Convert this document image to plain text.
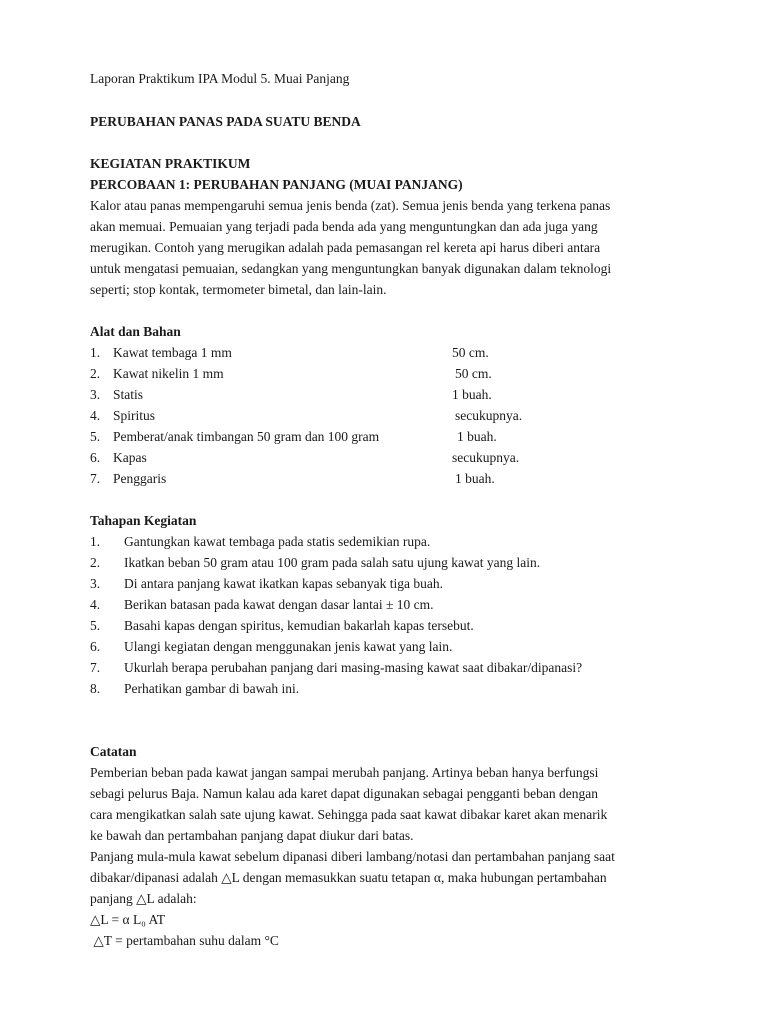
Laporan Praktikum IPA Modul 5. Muai Panjang
PERUBAHAN PANAS PADA SUATU BENDA
KEGIATAN PRAKTIKUM
PERCOBAAN 1: PERUBAHAN PANJANG (MUAI PANJANG)
Kalor atau panas mempengaruhi semua jenis benda (zat). Semua jenis benda yang terkena panas
akan memuai. Pemuaian yang terjadi pada benda ada yang menguntungkan dan ada juga yang
merugikan. Contoh yang merugikan adalah pada pemasangan rel kereta api harus diberi antara
untuk mengatasi pemuaian, sedangkan yang menguntungkan banyak digunakan dalam teknologi
seperti; stop kontak, termometer bimetal, dan lain-lain.
Alat dan Bahan
1. Kawat tembaga 1 mm	50 cm.
2. Kawat nikelin 1 mm	50 cm.
3. Statis	1 buah.
4. Spiritus	secukupnya.
5. Pemberat/anak timbangan 50 gram dan 100 gram	1 buah.
6. Kapas	secukupnya.
7. Penggaris	1 buah.
Tahapan Kegiatan
1. Gantungkan kawat tembaga pada statis sedemikian rupa.
2. Ikatkan beban 50 gram atau 100 gram pada salah satu ujung kawat yang lain.
3. Di antara panjang kawat ikatkan kapas sebanyak tiga buah.
4. Berikan batasan pada kawat dengan dasar lantai ± 10 cm.
5. Basahi kapas dengan spiritus, kemudian bakarlah kapas tersebut.
6. Ulangi kegiatan dengan menggunakan jenis kawat yang lain.
7. Ukurlah berapa perubahan panjang dari masing-masing kawat saat dibakar/dipanasi?
8. Perhatikan gambar di bawah ini.
Catatan
Pemberian beban pada kawat jangan sampai merubah panjang. Artinya beban hanya berfungsi
sebagi pelurus Baja. Namun kalau ada karet dapat digunakan sebagai pengganti beban dengan
cara mengikatkan salah sate ujung kawat. Sehingga pada saat kawat dibakar karet akan menarik
ke bawah dan pertambahan panjang dapat diukur dari batas.
Panjang mula-mula kawat sebelum dipanasi diberi lambang/notasi dan pertambahan panjang saat
dibakar/dipanasi adalah △L dengan memasukkan suatu tetapan α, maka hubungan pertambahan
panjang △L adalah:
△L = α L₀ AT
△T = pertambahan suhu dalam °C
